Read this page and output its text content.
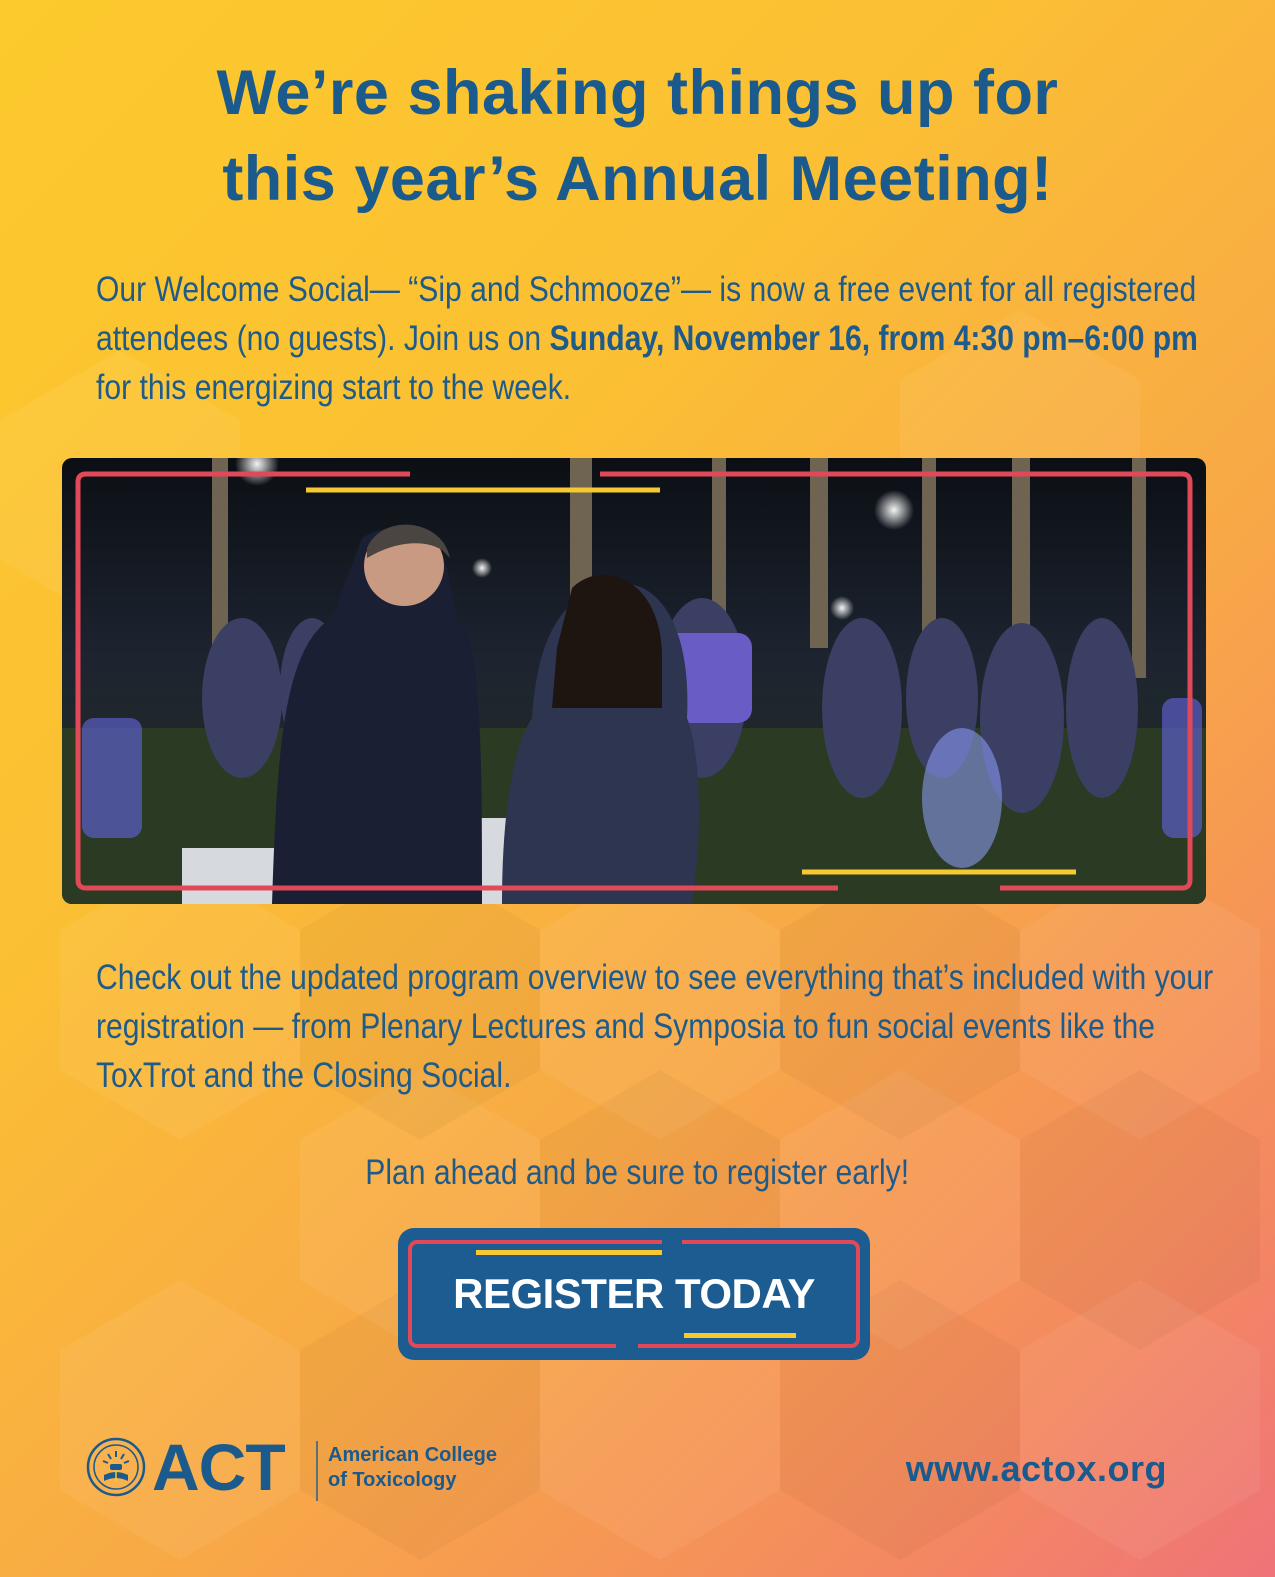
We’re shaking things up for
this year’s Annual Meeting!

Our Welcome Social— “Sip and Schmooze”— is now a free event for all registered attendees (no guests). Join us on Sunday, November 16, from 4:30 pm–6:00 pm for this energizing start to the week.

Check out the updated program overview to see everything that’s included with your registration — from Plenary Lectures and Symposia to fun social events like the ToxTrot and the Closing Social.

Plan ahead and be sure to register early!

REGISTER TODAY
ACT American College
of Toxicology	www.actox.org
